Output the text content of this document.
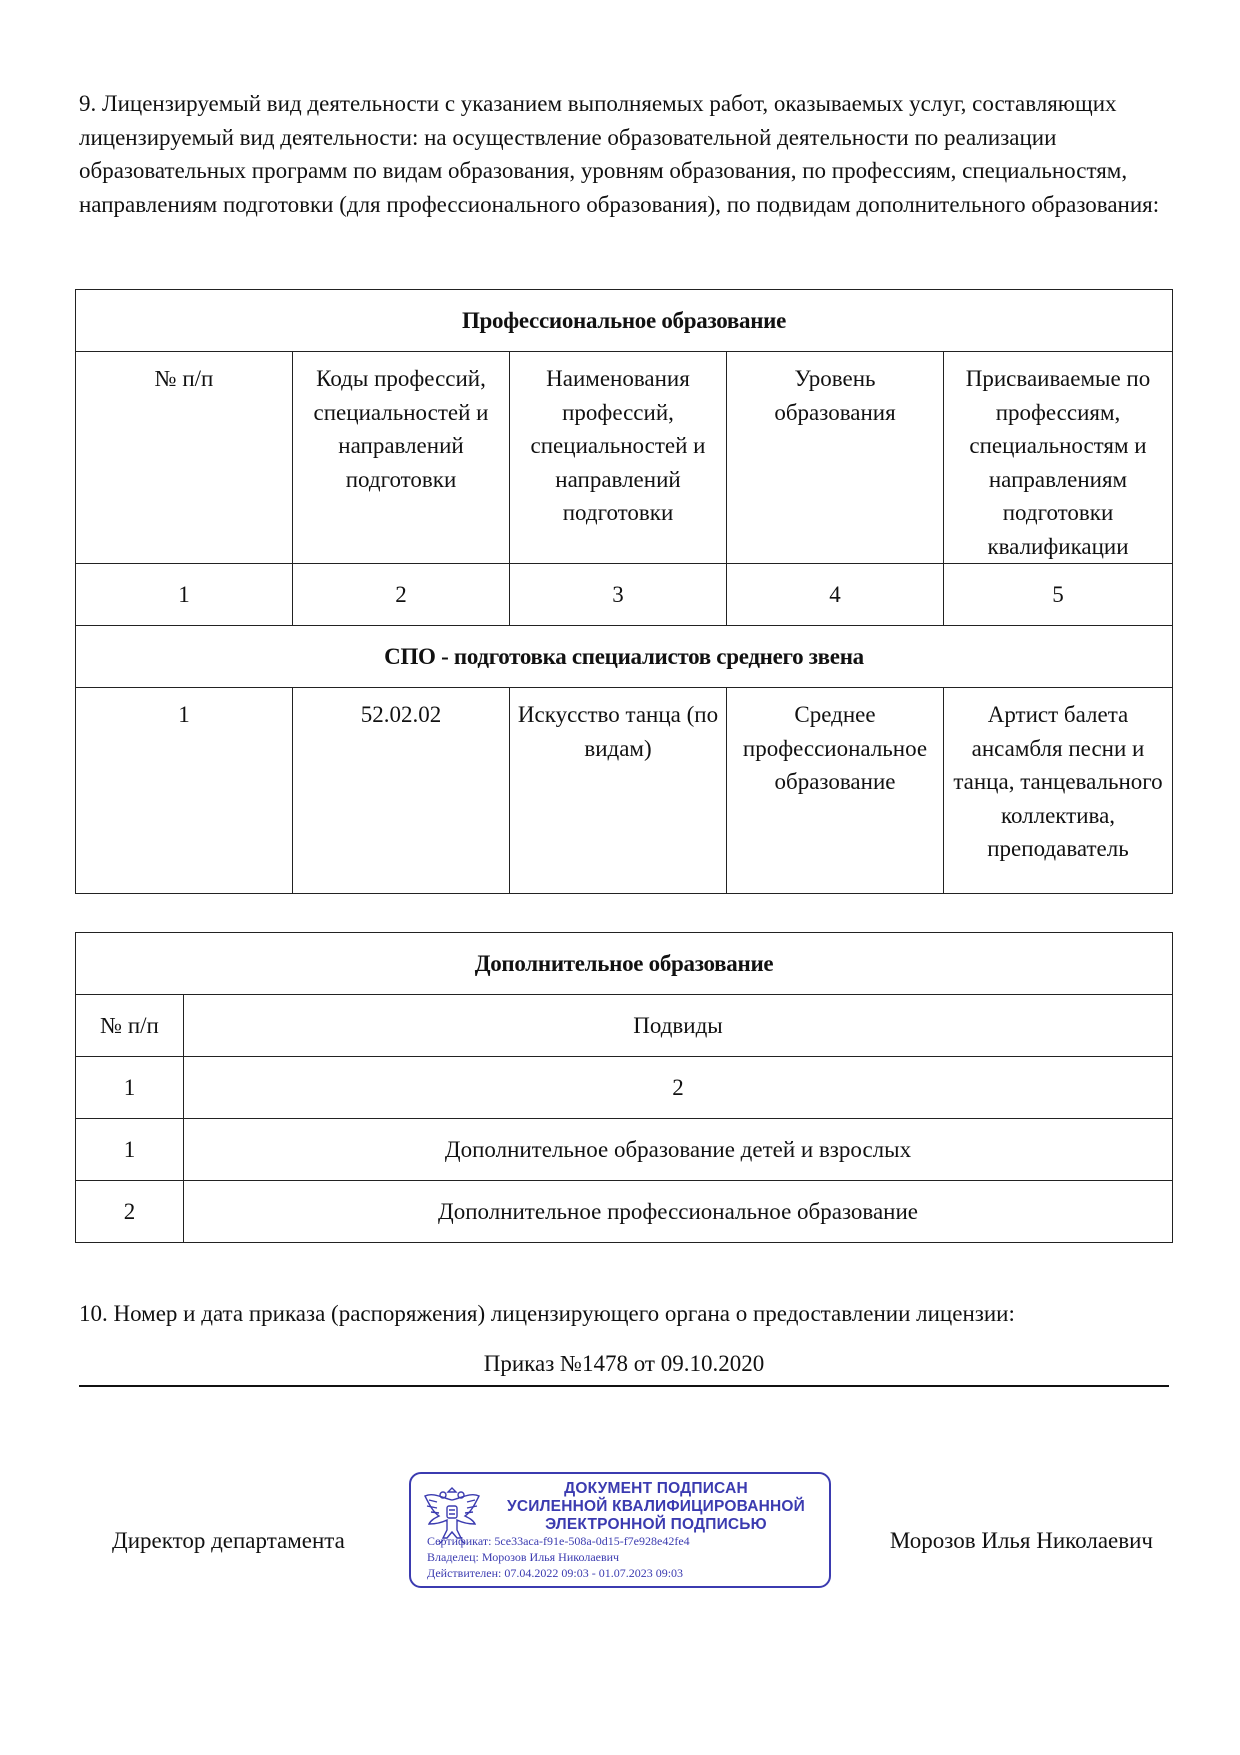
9. Лицензируемый вид деятельности с указанием выполняемых работ, оказываемых услуг, составляющих лицензируемый вид деятельности: на осуществление образовательной деятельности по реализации образовательных программ по видам образования, уровням образования, по профессиям, специальностям, направлениям подготовки (для профессионального образования), по подвидам дополнительного образования:
Профессиональное образование				
№ п/п	Коды профессий, специальностей и направлений подготовки	Наименования профессий, специальностей и направлений подготовки	Уровень образования	Присваиваемые по профессиям, специальностям и направлениям подготовки квалификации
1	2	3	4	5
СПО - подготовка специалистов среднего звена				
1	52.02.02	Искусство танца (по видам)	Среднее профессиональное образование	Артист балета ансамбля песни и танца, танцевального коллектива, преподаватель
Дополнительное образование	
№ п/п	Подвиды
1	2
1	Дополнительное образование детей и взрослых
2	Дополнительное профессиональное образование
10. Номер и дата приказа (распоряжения) лицензирующего органа о предоставлении лицензии:
Приказ №1478 от 09.10.2020
ДОКУМЕНТ ПОДПИСАН
УСИЛЕННОЙ КВАЛИФИЦИРОВАННОЙ
ЭЛЕКТРОННОЙ ПОДПИСЬЮ
Сертификат: 5ce33aca-f91e-508a-0d15-f7e928e42fe4
Владелец: Морозов Илья Николаевич
Действителен: 07.04.2022 09:03 - 01.07.2023 09:03
Директор департамента	Морозов Илья Николаевич
